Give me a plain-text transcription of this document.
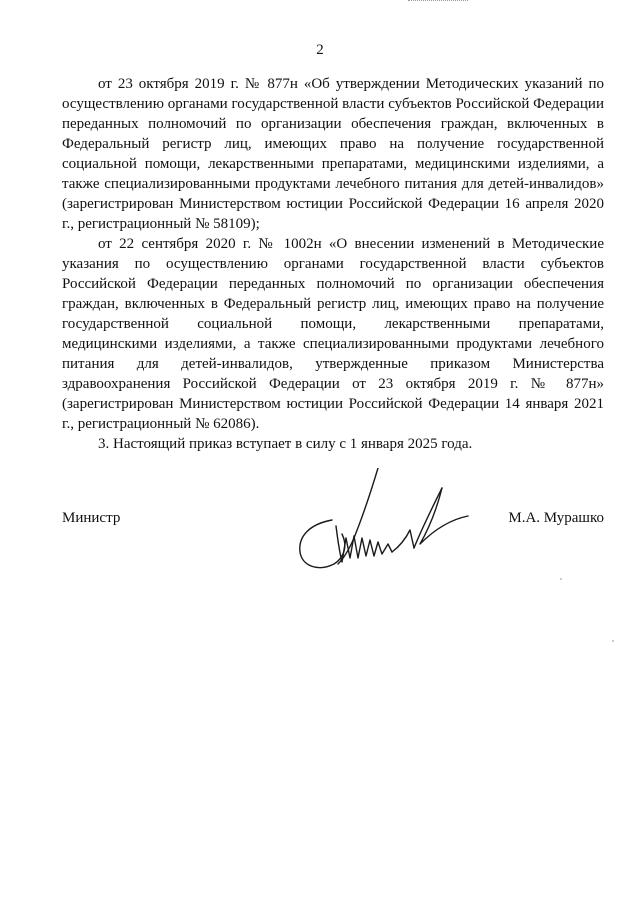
2

от 23 октября 2019 г. № 877н «Об утверждении Методических указаний по осуществлению органами государственной власти субъектов Российской Федерации переданных полномочий по организации обеспечения граждан, включенных в Федеральный регистр лиц, имеющих право на получение государственной социальной помощи, лекарственными препаратами, медицинскими изделиями, а также специализированными продуктами лечебного питания для детей-инвалидов» (зарегистрирован Министерством юстиции Российской Федерации 16 апреля 2020 г., регистрационный № 58109);

от 22 сентября 2020 г. № 1002н «О внесении изменений в Методические указания по осуществлению органами государственной власти субъектов Российской Федерации переданных полномочий по организации обеспечения граждан, включенных в Федеральный регистр лиц, имеющих право на получение государственной социальной помощи, лекарственными препаратами, медицинскими изделиями, а также специализированными продуктами лечебного питания для детей-инвалидов, утвержденные приказом Министерства здравоохранения Российской Федерации от 23 октября 2019 г. № 877н» (зарегистрирован Министерством юстиции Российской Федерации 14 января 2021 г., регистрационный № 62086).

3. Настоящий приказ вступает в силу с 1 января 2025 года.

Министр	М.А. Мурашко
